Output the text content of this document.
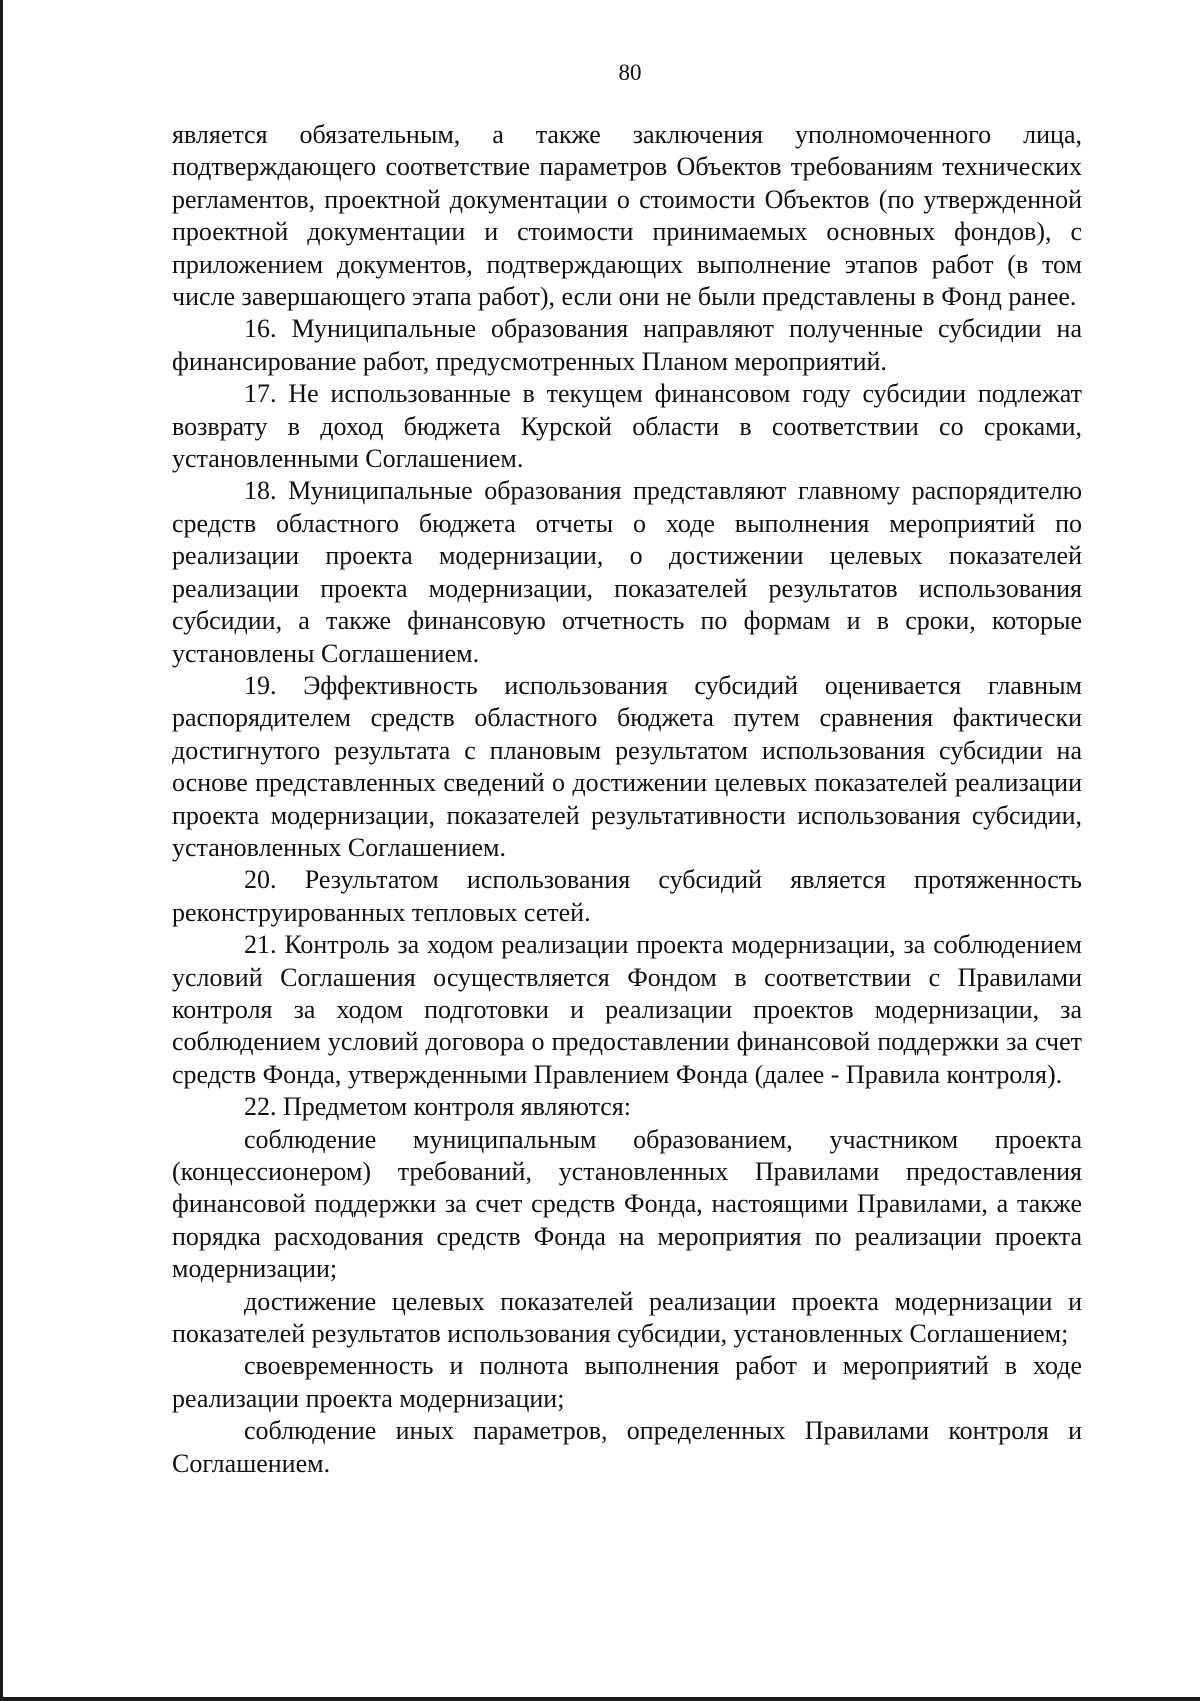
80

является обязательным, а также заключения уполномоченного лица, подтверждающего соответствие параметров Объектов требованиям технических регламентов, проектной документации о стоимости Объектов (по утвержденной проектной документации и стоимости принимаемых основных фондов), с приложением документов, подтверждающих выполнение этапов работ (в том числе завершающего этапа работ), если они не были представлены в Фонд ранее.

16. Муниципальные образования направляют полученные субсидии на финансирование работ, предусмотренных Планом мероприятий.

17. Не использованные в текущем финансовом году субсидии подлежат возврату в доход бюджета Курской области в соответствии со сроками, установленными Соглашением.

18. Муниципальные образования представляют главному распорядителю средств областного бюджета отчеты о ходе выполнения мероприятий по реализации проекта модернизации, о достижении целевых показателей реализации проекта модернизации, показателей результатов использования субсидии, а также финансовую отчетность по формам и в сроки, которые установлены Соглашением.

19. Эффективность использования субсидий оценивается главным распорядителем средств областного бюджета путем сравнения фактически достигнутого результата с плановым результатом использования субсидии на основе представленных сведений о достижении целевых показателей реализации проекта модернизации, показателей результативности использования субсидии, установленных Соглашением.

20. Результатом использования субсидий является протяженность реконструированных тепловых сетей.

21. Контроль за ходом реализации проекта модернизации, за соблюдением условий Соглашения осуществляется Фондом в соответствии с Правилами контроля за ходом подготовки и реализации проектов модернизации, за соблюдением условий договора о предоставлении финансовой поддержки за счет средств Фонда, утвержденными Правлением Фонда (далее - Правила контроля).

22. Предметом контроля являются:

соблюдение муниципальным образованием, участником проекта (концессионером) требований, установленных Правилами предоставления финансовой поддержки за счет средств Фонда, настоящими Правилами, а также порядка расходования средств Фонда на мероприятия по реализации проекта модернизации;

достижение целевых показателей реализации проекта модернизации и показателей результатов использования субсидии, установленных Соглашением;

своевременность и полнота выполнения работ и мероприятий в ходе реализации проекта модернизации;

соблюдение иных параметров, определенных Правилами контроля и Соглашением.
